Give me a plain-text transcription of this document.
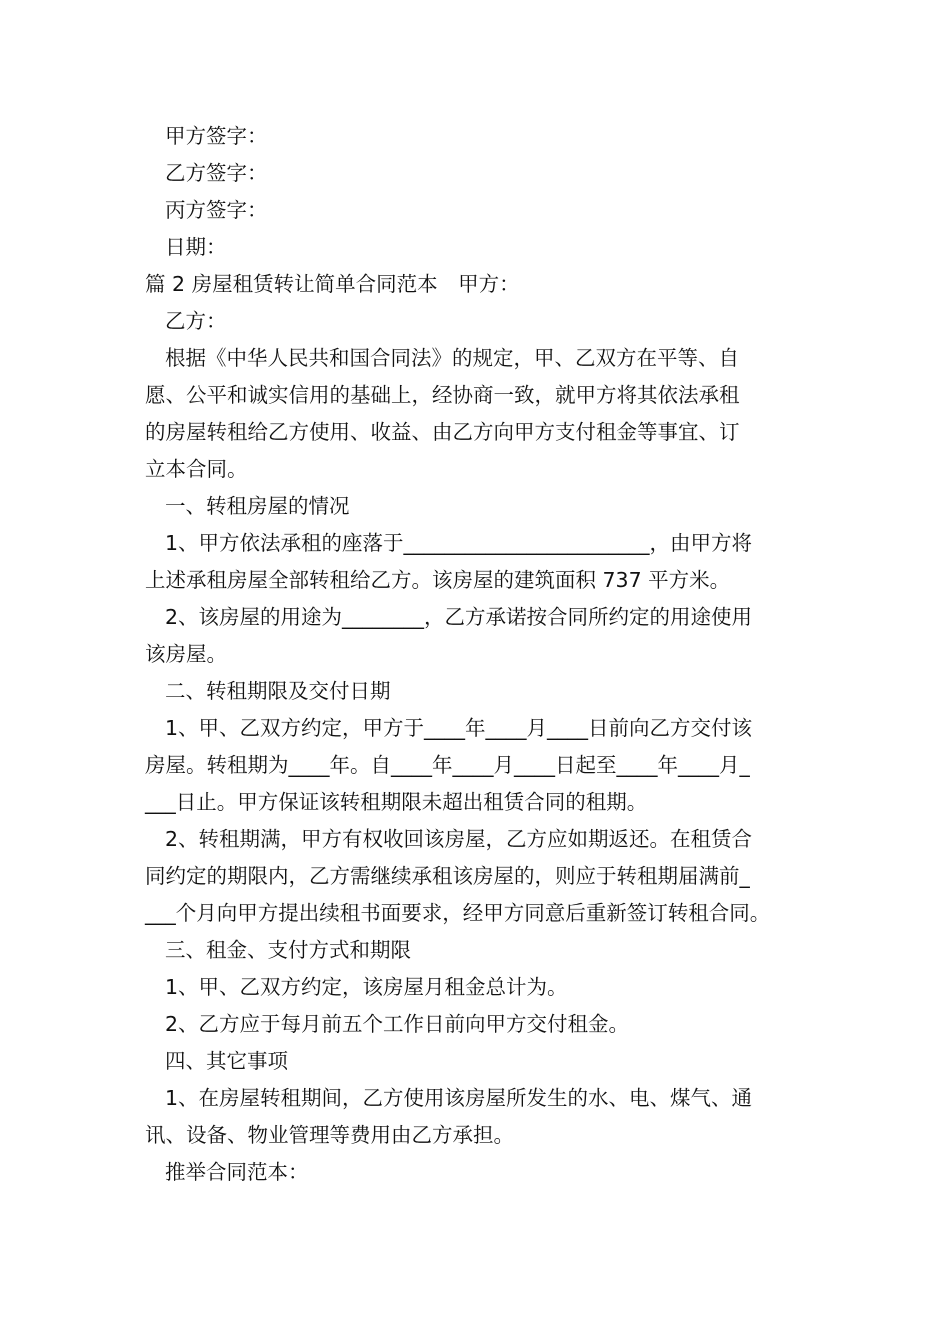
甲方签字：

乙方签字：

丙方签字：

日期：

篇 2 房屋租赁转让简单合同范本　甲方：

乙方：

根据《中华人民共和国合同法》的规定，甲、乙双方在平等、自

愿、公平和诚实信用的基础上，经协商一致，就甲方将其依法承租

的房屋转租给乙方使用、收益、由乙方向甲方支付租金等事宜、订

立本合同。

一、转租房屋的情况

1、甲方依法承租的座落于________________________，由甲方将

上述承租房屋全部转租给乙方。该房屋的建筑面积 737 平方米。

2、该房屋的用途为________，乙方承诺按合同所约定的用途使用

该房屋。

二、转租期限及交付日期

1、甲、乙双方约定，甲方于____年____月____日前向乙方交付该

房屋。转租期为____年。自____年____月____日起至____年____月_

___日止。甲方保证该转租期限未超出租赁合同的租期。

2、转租期满，甲方有权收回该房屋，乙方应如期返还。在租赁合

同约定的期限内，乙方需继续承租该房屋的，则应于转租期届满前_

___个月向甲方提出续租书面要求，经甲方同意后重新签订转租合同。

三、租金、支付方式和期限

1、甲、乙双方约定，该房屋月租金总计为。

2、乙方应于每月前五个工作日前向甲方交付租金。

四、其它事项

1、在房屋转租期间，乙方使用该房屋所发生的水、电、煤气、通

讯、设备、物业管理等费用由乙方承担。

推举合同范本：
